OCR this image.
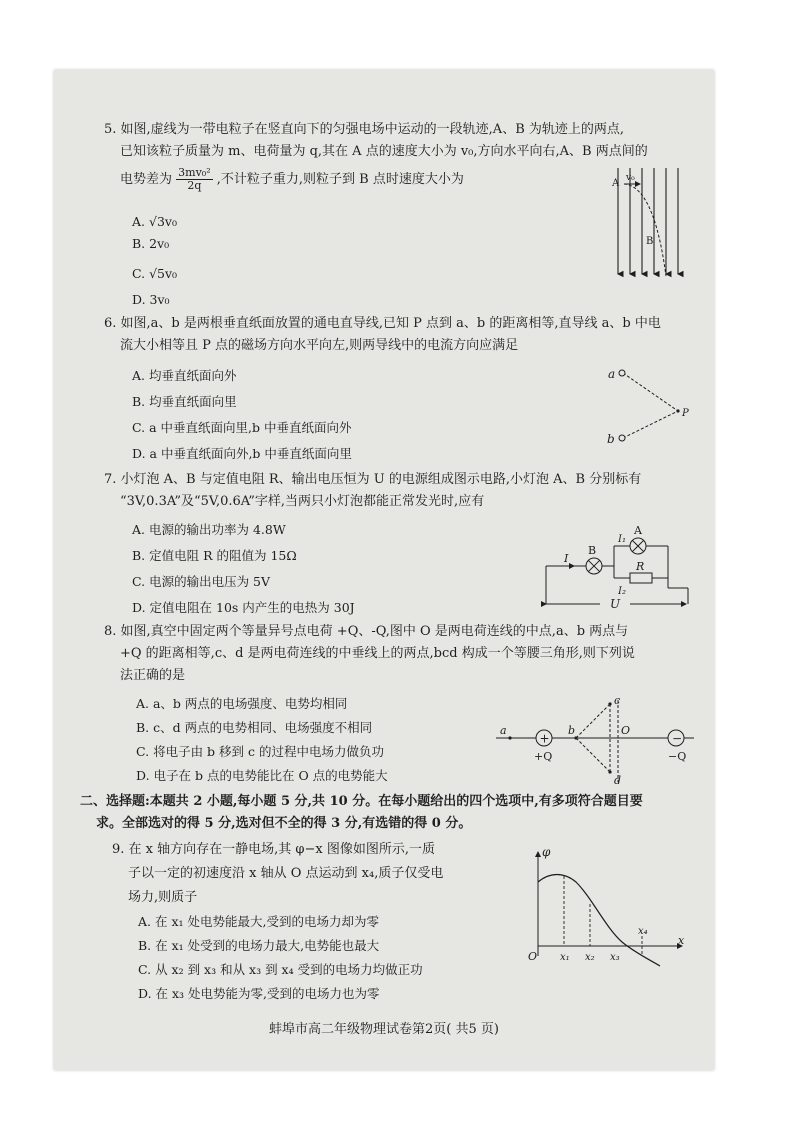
5. 如图,虚线为一带电粒子在竖直向下的匀强电场中运动的一段轨迹,A、B 为轨迹上的两点,
已知该粒子质量为 m、电荷量为 q,其在 A 点的速度大小为 v₀,方向水平向右,A、B 两点间的
电势差为 $\frac{\text{3mv₀²}}{2q}$ ,不计粒子重力,则粒子到 B 点时速度大小为
A. √3v₀
B. 2v₀
C. √5v₀
D. 3v₀
A v₀
B
6. 如图,a、b 是两根垂直纸面放置的通电直导线,已知 P 点到 a、b 的距离相等,直导线 a、b 中电
流大小相等且 P 点的磁场方向水平向左,则两导线中的电流方向应满足
A. 均垂直纸面向外
B. 均垂直纸面向里
C. a 中垂直纸面向里,b 中垂直纸面向外
D. a 中垂直纸面向外,b 中垂直纸面向里
a
b
P
7. 小灯泡 A、B 与定值电阻 R、输出电压恒为 U 的电源组成图示电路,小灯泡 A、B 分别标有
“3V,0.3A”及“5V,0.6A”字样,当两只小灯泡都能正常发光时,应有
A. 电源的输出功率为 4.8W
B. 定值电阻 R 的阻值为 15Ω
C. 电源的输出电压为 5V
D. 定值电阻在 10s 内产生的电热为 30J
I
B
I₁
A
R
I₂
U
8. 如图,真空中固定两个等量异号点电荷 +Q、-Q,图中 O 是两电荷连线的中点,a、b 两点与
+Q 的距离相等,c、d 是两电荷连线的中垂线上的两点,bcd 构成一个等腰三角形,则下列说
法正确的是
A. a、b 两点的电场强度、电势均相同
B. c、d 两点的电势相同、电场强度不相同
C. 将电子由 b 移到 c 的过程中电场力做负功
D. 电子在 b 点的电势能比在 O 点的电势能大
+	−
a
+Q
b
c
O
d
−Q
二、选择题:本题共 2 小题,每小题 5 分,共 10 分。在每小题给出的四个选项中,有多项符合题目要
求。全部选对的得 5 分,选对但不全的得 3 分,有选错的得 0 分。
9. 在 x 轴方向存在一静电场,其 φ−x 图像如图所示,一质
子以一定的初速度沿 x 轴从 O 点运动到 x₄,质子仅受电
场力,则质子
A. 在 x₁ 处电势能最大,受到的电场力却为零
B. 在 x₁ 处受到的电场力最大,电势能也最大
C. 从 x₂ 到 x₃ 和从 x₃ 到 x₄ 受到的电场力均做正功
D. 在 x₃ 处电势能为零,受到的电场力也为零
φ
x
O x₁ x₂ x₃
x₄
蚌埠市高二年级物理试卷第2页( 共5 页)
